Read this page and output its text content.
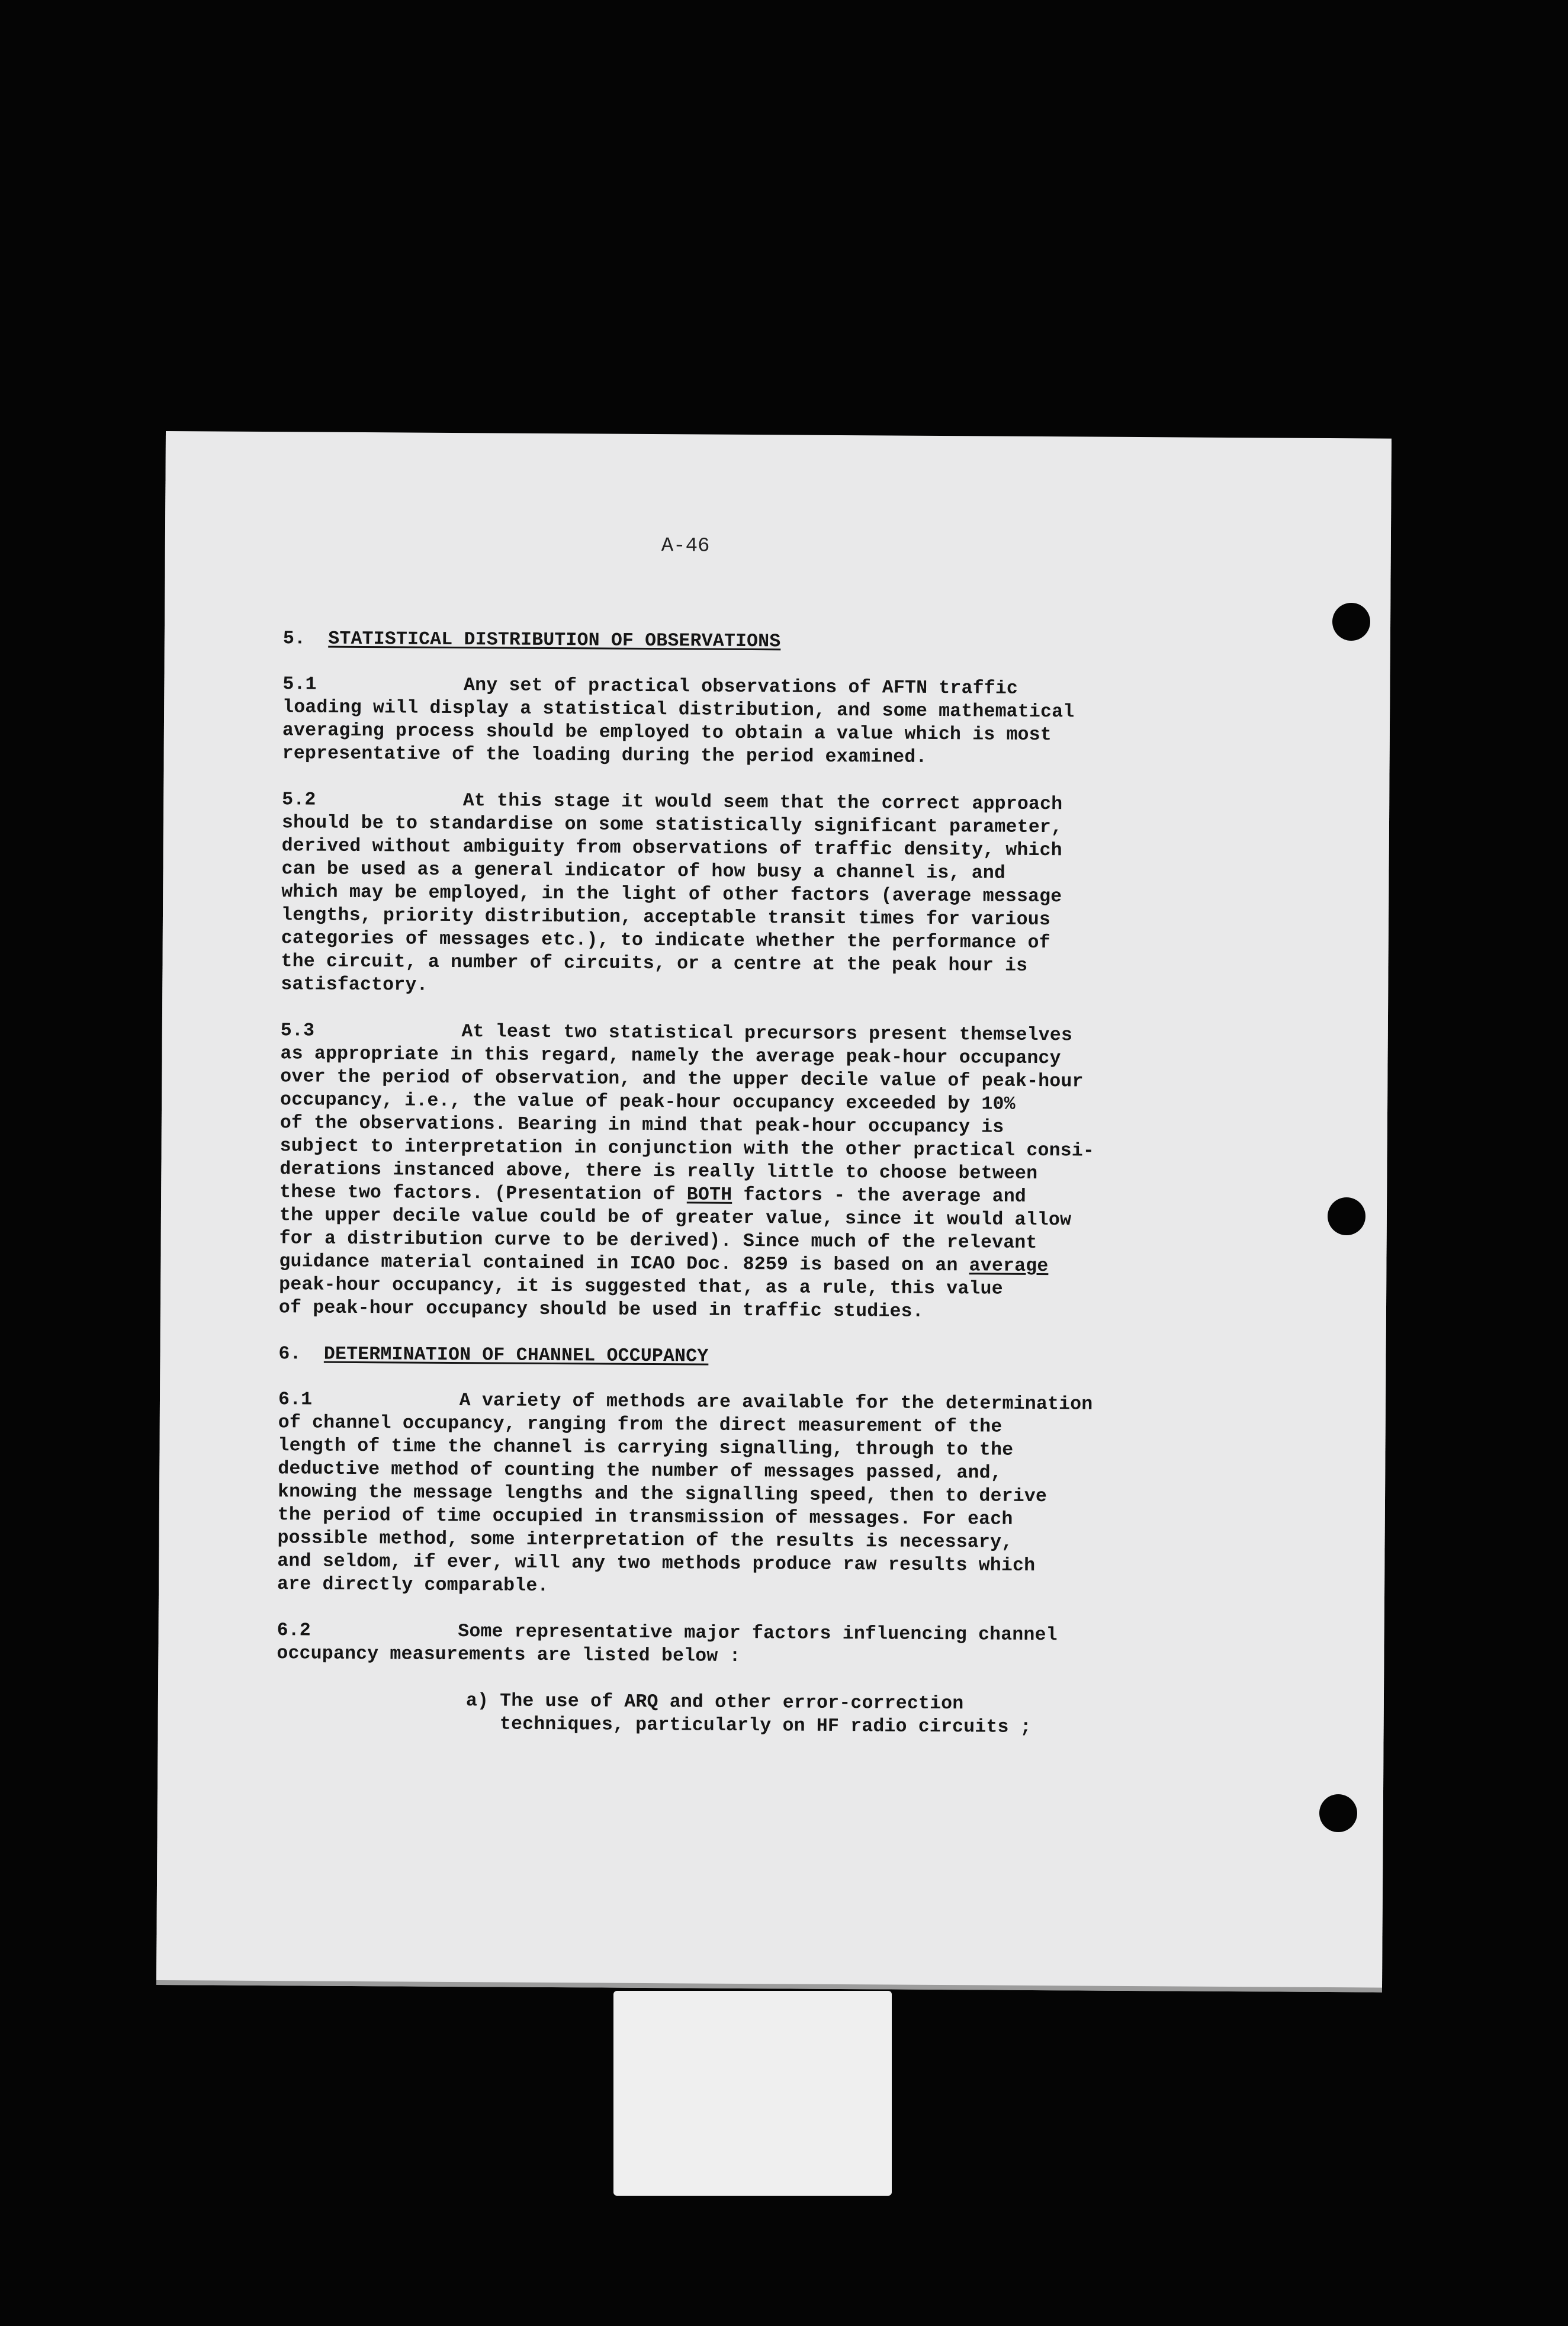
A-46
5. STATISTICAL DISTRIBUTION OF OBSERVATIONS
5.1             Any set of practical observations of AFTN traffic
loading will display a statistical distribution, and some mathematical
averaging process should be employed to obtain a value which is most
representative of the loading during the period examined.
5.2             At this stage it would seem that the correct approach
should be to standardise on some statistically significant parameter,
derived without ambiguity from observations of traffic density, which
can be used as a general indicator of how busy a channel is, and
which may be employed, in the light of other factors (average message
lengths, priority distribution, acceptable transit times for various
categories of messages etc.), to indicate whether the performance of
the circuit, a number of circuits, or a centre at the peak hour is
satisfactory.
5.3             At least two statistical precursors present themselves
as appropriate in this regard, namely the average peak-hour occupancy
over the period of observation, and the upper decile value of peak-hour
occupancy, i.e., the value of peak-hour occupancy exceeded by 10%
of the observations. Bearing in mind that peak-hour occupancy is
subject to interpretation in conjunction with the other practical consi-
derations instanced above, there is really little to choose between
these two factors. (Presentation of BOTH factors - the average and
the upper decile value could be of greater value, since it would allow
for a distribution curve to be derived). Since much of the relevant
guidance material contained in ICAO Doc. 8259 is based on an average
peak-hour occupancy, it is suggested that, as a rule, this value
of peak-hour occupancy should be used in traffic studies.
6. DETERMINATION OF CHANNEL OCCUPANCY
6.1             A variety of methods are available for the determination
of channel occupancy, ranging from the direct measurement of the
length of time the channel is carrying signalling, through to the
deductive method of counting the number of messages passed, and,
knowing the message lengths and the signalling speed, then to derive
the period of time occupied in transmission of messages. For each
possible method, some interpretation of the results is necessary,
and seldom, if ever, will any two methods produce raw results which
are directly comparable.
6.2             Some representative major factors influencing channel
occupancy measurements are listed below :
a) The use of ARQ and other error-correction
techniques, particularly on HF radio circuits ;
